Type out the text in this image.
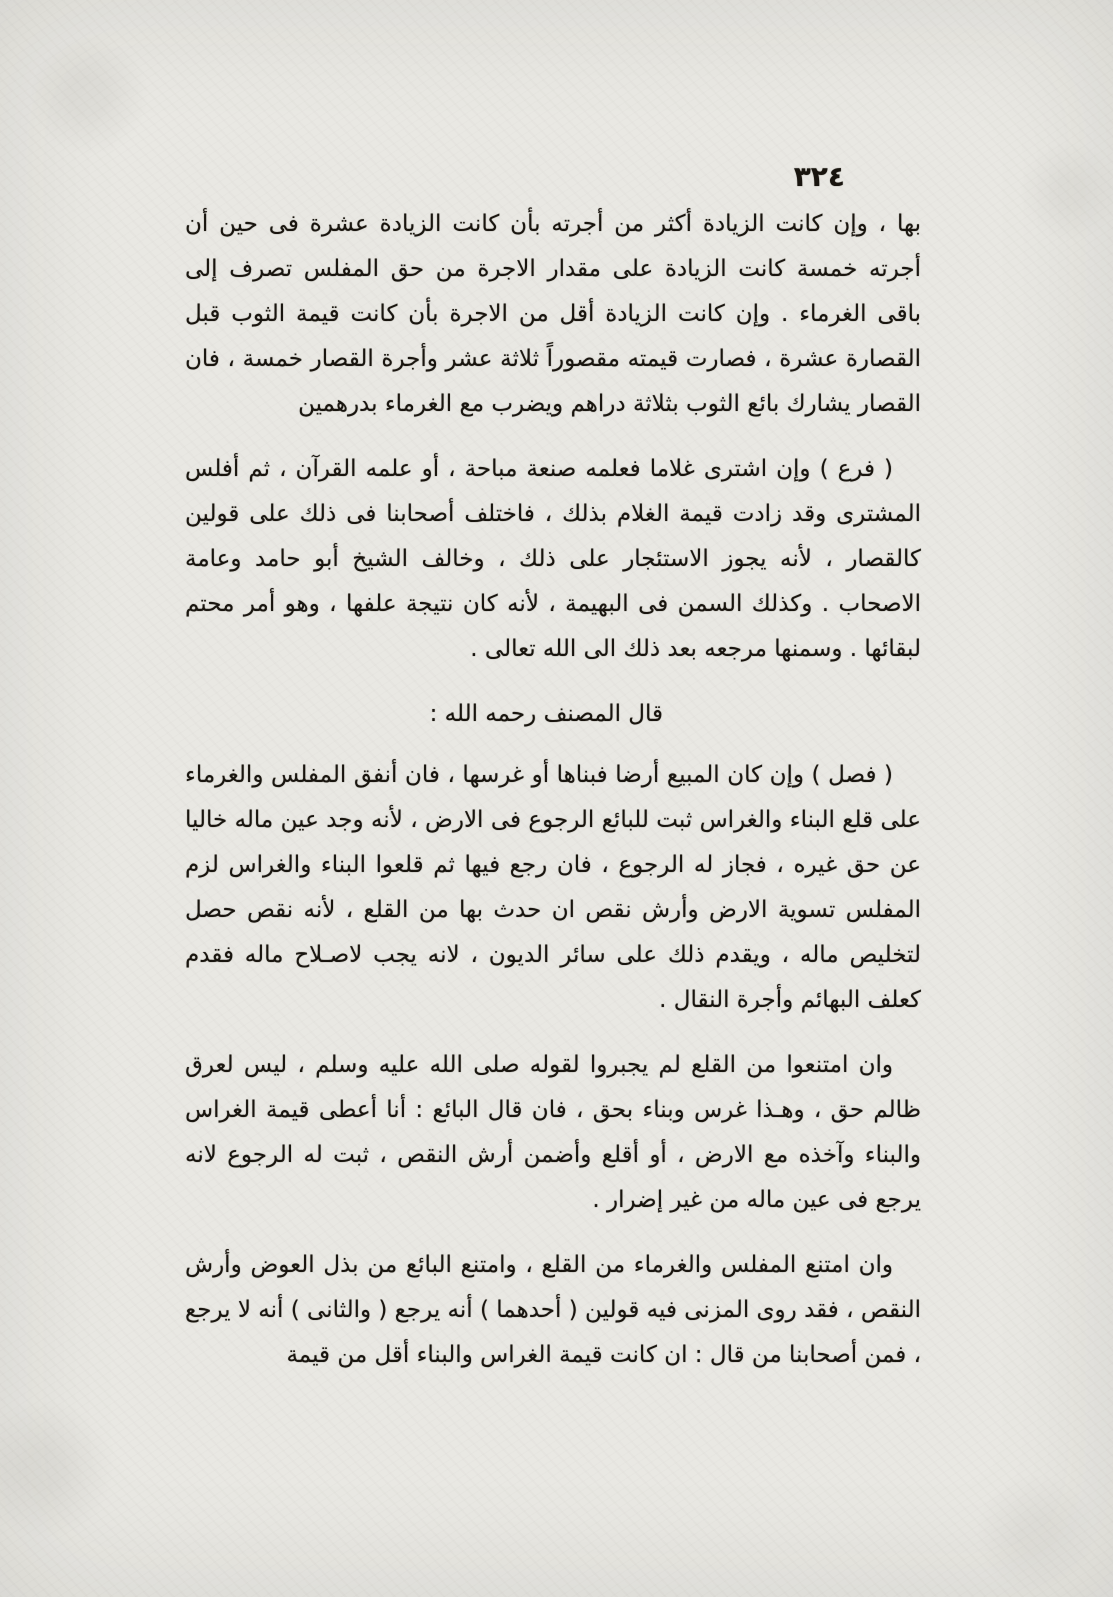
٣٢٤

بها ، وإن كانت الزيادة أكثر من أجرته بأن كانت الزيادة عشرة فى حين أن أجرته خمسة كانت الزيادة على مقدار الاجرة من حق المفلس تصرف إلى باقى الغرماء . وإن كانت الزيادة أقل من الاجرة بأن كانت قيمة الثوب قبل القصارة عشرة ، فصارت قيمته مقصوراً ثلاثة عشر وأجرة القصار خمسة ، فان القصار يشارك بائع الثوب بثلاثة دراهم ويضرب مع الغرماء بدرهمين

( فرع ) وإن اشترى غلاما فعلمه صنعة مباحة ، أو علمه القرآن ، ثم أفلس المشترى وقد زادت قيمة الغلام بذلك ، فاختلف أصحابنا فى ذلك على قولين كالقصار ، لأنه يجوز الاستئجار على ذلك ، وخالف الشيخ أبو حامد وعامة الاصحاب . وكذلك السمن فى البهيمة ، لأنه كان نتيجة علفها ، وهو أمر محتم لبقائها . وسمنها مرجعه بعد ذلك الى الله تعالى .

قال المصنف رحمه الله :

( فصل ) وإن كان المبيع أرضا فبناها أو غرسها ، فان أنفق المفلس والغرماء على قلع البناء والغراس ثبت للبائع الرجوع فى الارض ، لأنه وجد عين ماله خاليا عن حق غيره ، فجاز له الرجوع ، فان رجع فيها ثم قلعوا البناء والغراس لزم المفلس تسوية الارض وأرش نقص ان حدث بها من القلع ، لأنه نقص حصل لتخليص ماله ، ويقدم ذلك على سائر الديون ، لانه يجب لاصـلاح ماله فقدم كعلف البهائم وأجرة النقال .

وان امتنعوا من القلع لم يجبروا لقوله صلى الله عليه وسلم ، ليس لعرق ظالم حق ، وهـذا غرس وبناء بحق ، فان قال البائع : أنا أعطى قيمة الغراس والبناء وآخذه مع الارض ، أو أقلع وأضمن أرش النقص ، ثبت له الرجوع لانه يرجع فى عين ماله من غير إضرار .

وان امتنع المفلس والغرماء من القلع ، وامتنع البائع من بذل العوض وأرش النقص ، فقد روى المزنى فيه قولين ( أحدهما ) أنه يرجع ( والثانى ) أنه لا يرجع ، فمن أصحابنا من قال : ان كانت قيمة الغراس والبناء أقل من قيمة
